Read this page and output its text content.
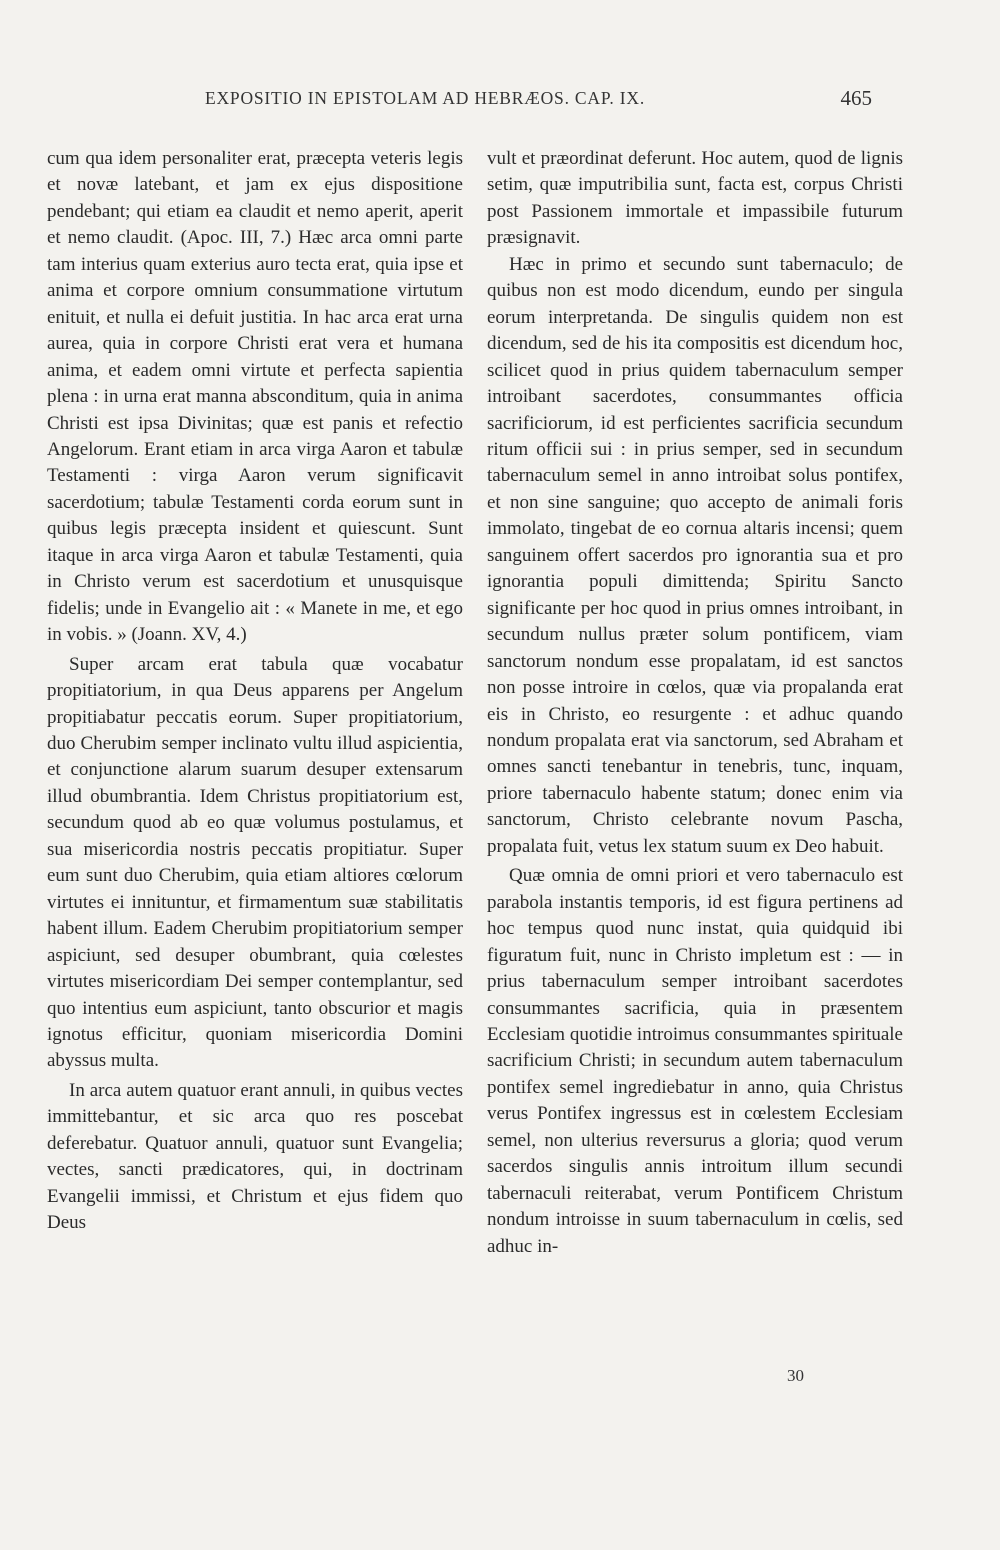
EXPOSITIO IN EPISTOLAM AD HEBRÆOS. CAP. IX.	465

cum qua idem personaliter erat, præcepta veteris legis et novæ latebant, et jam ex ejus dispositione pendebant; qui etiam ea claudit et nemo aperit, aperit et nemo claudit. (Apoc. III, 7.) Hæc arca omni parte tam interius quam exterius auro tecta erat, quia ipse et anima et corpore omnium consummatione virtutum enituit, et nulla ei defuit justitia. In hac arca erat urna aurea, quia in corpore Christi erat vera et humana anima, et eadem omni virtute et perfecta sapientia plena : in urna erat manna absconditum, quia in anima Christi est ipsa Divinitas; quæ est panis et refectio Angelorum. Erant etiam in arca virga Aaron et tabulæ Testamenti : virga Aaron verum significavit sacerdotium; tabulæ Testamenti corda eorum sunt in quibus legis præcepta insident et quiescunt. Sunt itaque in arca virga Aaron et tabulæ Testamenti, quia in Christo verum est sacerdotium et unusquisque fidelis; unde in Evangelio ait : « Manete in me, et ego in vobis. » (Joann. XV, 4.)

Super arcam erat tabula quæ vocabatur propitiatorium, in qua Deus apparens per Angelum propitiabatur peccatis eorum. Super propitiatorium, duo Cherubim semper inclinato vultu illud aspicientia, et conjunctione alarum suarum desuper extensarum illud obumbrantia. Idem Christus propitiatorium est, secundum quod ab eo quæ volumus postulamus, et sua misericordia nostris peccatis propitiatur. Super eum sunt duo Cherubim, quia etiam altiores cœlorum virtutes ei innituntur, et firmamentum suæ stabilitatis habent illum. Eadem Cherubim propitiatorium semper aspiciunt, sed desuper obumbrant, quia cœlestes virtutes misericordiam Dei semper contemplantur, sed quo intentius eum aspiciunt, tanto obscurior et magis ignotus efficitur, quoniam misericordia Domini abyssus multa.

In arca autem quatuor erant annuli, in quibus vectes immittebantur, et sic arca quo res poscebat deferebatur. Quatuor annuli, quatuor sunt Evangelia; vectes, sancti prædicatores, qui, in doctrinam Evangelii immissi, et Christum et ejus fidem quo Deus

vult et præordinat deferunt. Hoc autem, quod de lignis setim, quæ imputribilia sunt, facta est, corpus Christi post Passionem immortale et impassibile futurum præsignavit.

Hæc in primo et secundo sunt tabernaculo; de quibus non est modo dicendum, eundo per singula eorum interpretanda. De singulis quidem non est dicendum, sed de his ita compositis est dicendum hoc, scilicet quod in prius quidem tabernaculum semper introibant sacerdotes, consummantes officia sacrificiorum, id est perficientes sacrificia secundum ritum officii sui : in prius semper, sed in secundum tabernaculum semel in anno introibat solus pontifex, et non sine sanguine; quo accepto de animali foris immolato, tingebat de eo cornua altaris incensi; quem sanguinem offert sacerdos pro ignorantia sua et pro ignorantia populi dimittenda; Spiritu Sancto significante per hoc quod in prius omnes introibant, in secundum nullus præter solum pontificem, viam sanctorum nondum esse propalatam, id est sanctos non posse introire in cœlos, quæ via propalanda erat eis in Christo, eo resurgente : et adhuc quando nondum propalata erat via sanctorum, sed Abraham et omnes sancti tenebantur in tenebris, tunc, inquam, priore tabernaculo habente statum; donec enim via sanctorum, Christo celebrante novum Pascha, propalata fuit, vetus lex statum suum ex Deo habuit.

Quæ omnia de omni priori et vero tabernaculo est parabola instantis temporis, id est figura pertinens ad hoc tempus quod nunc instat, quia quidquid ibi figuratum fuit, nunc in Christo impletum est : — in prius tabernaculum semper introibant sacerdotes consummantes sacrificia, quia in præsentem Ecclesiam quotidie introimus consummantes spirituale sacrificium Christi; in secundum autem tabernaculum pontifex semel ingrediebatur in anno, quia Christus verus Pontifex ingressus est in cœlestem Ecclesiam semel, non ulterius reversurus a gloria; quod verum sacerdos singulis annis introitum illum secundi tabernaculi reiterabat, verum Pontificem Christum nondum introisse in suum tabernaculum in cœlis, sed adhuc in-

30
